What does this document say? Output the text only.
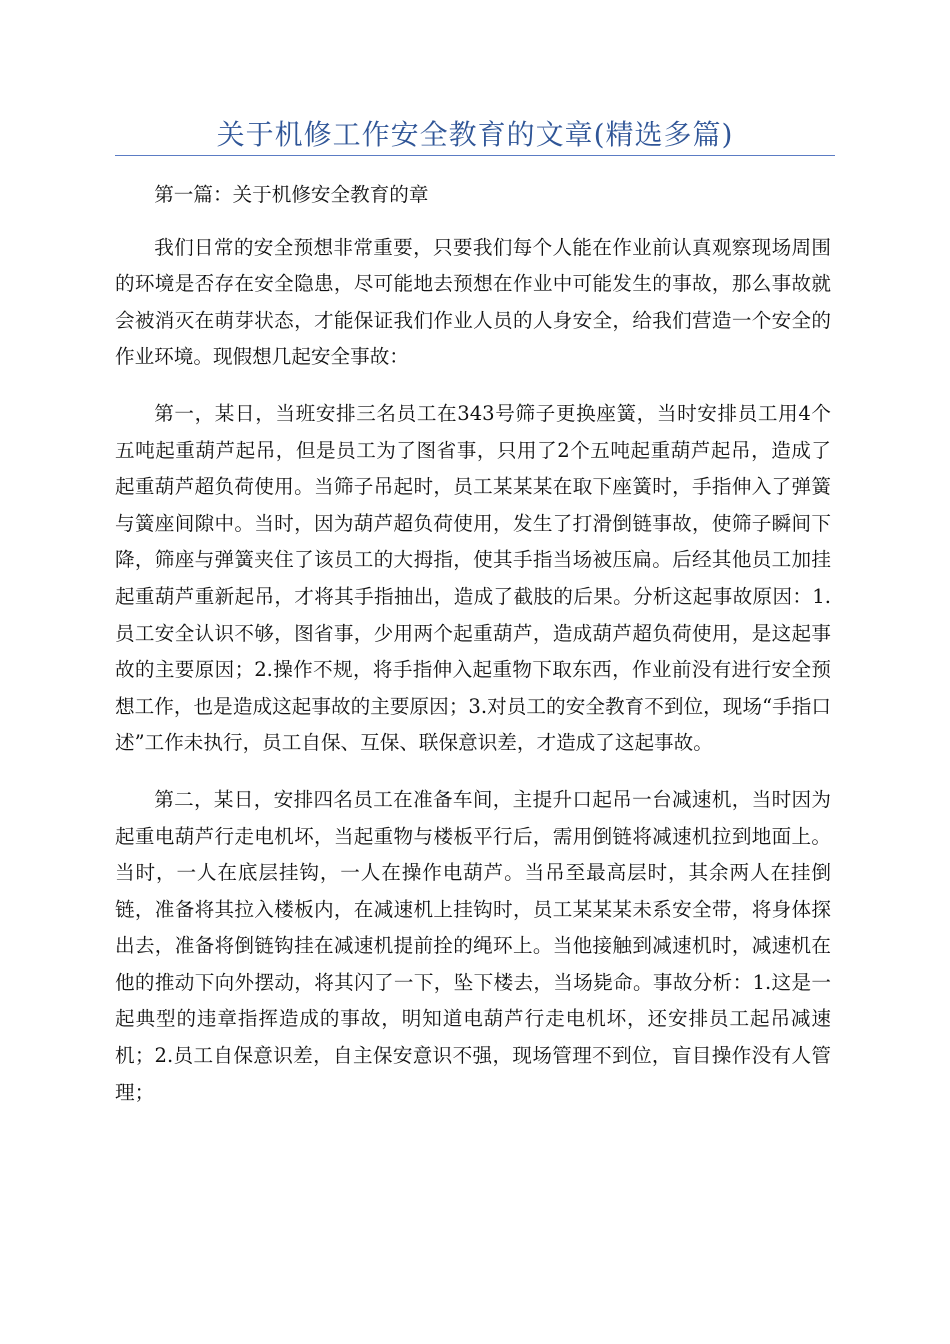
关于机修工作安全教育的文章(精选多篇)

第一篇：关于机修安全教育的章

我们日常的安全预想非常重要，只要我们每个人能在作业前认真观察现场周围的环境是否存在安全隐患，尽可能地去预想在作业中可能发生的事故，那么事故就会被消灭在萌芽状态，才能保证我们作业人员的人身安全，给我们营造一个安全的作业环境。现假想几起安全事故：

第一，某日，当班安排三名员工在343号筛子更换座簧，当时安排员工用4个五吨起重葫芦起吊，但是员工为了图省事，只用了2个五吨起重葫芦起吊，造成了起重葫芦超负荷使用。当筛子吊起时，员工某某某在取下座簧时，手指伸入了弹簧与簧座间隙中。当时，因为葫芦超负荷使用，发生了打滑倒链事故，使筛子瞬间下降，筛座与弹簧夹住了该员工的大拇指，使其手指当场被压扁。后经其他员工加挂起重葫芦重新起吊，才将其手指抽出，造成了截肢的后果。分析这起事故原因：1.员工安全认识不够，图省事，少用两个起重葫芦，造成葫芦超负荷使用，是这起事故的主要原因；2.操作不规，将手指伸入起重物下取东西，作业前没有进行安全预想工作，也是造成这起事故的主要原因；3.对员工的安全教育不到位，现场“手指口述”工作未执行，员工自保、互保、联保意识差，才造成了这起事故。

第二，某日，安排四名员工在准备车间，主提升口起吊一台减速机，当时因为起重电葫芦行走电机坏，当起重物与楼板平行后，需用倒链将减速机拉到地面上。当时，一人在底层挂钩，一人在操作电葫芦。当吊至最高层时，其余两人在挂倒链，准备将其拉入楼板内，在减速机上挂钩时，员工某某某未系安全带，将身体探出去，准备将倒链钩挂在减速机提前拴的绳环上。当他接触到减速机时，减速机在他的推动下向外摆动，将其闪了一下，坠下楼去，当场毙命。事故分析：1.这是一起典型的违章指挥造成的事故，明知道电葫芦行走电机坏，还安排员工起吊减速机；2.员工自保意识差，自主保安意识不强，现场管理不到位，盲目操作没有人管理；
